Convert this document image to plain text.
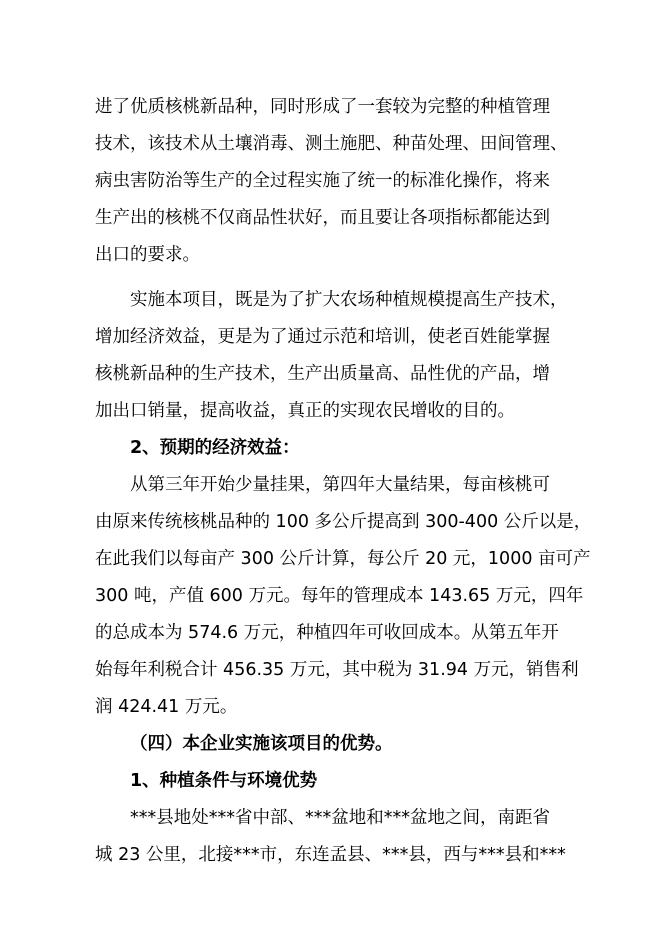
进了优质核桃新品种，同时形成了一套较为完整的种植管理
技术，该技术从土壤消毒、测土施肥、种苗处理、田间管理、
病虫害防治等生产的全过程实施了统一的标准化操作，将来
生产出的核桃不仅商品性状好，而且要让各项指标都能达到
出口的要求。
实施本项目，既是为了扩大农场种植规模提高生产技术，
增加经济效益，更是为了通过示范和培训，使老百姓能掌握
核桃新品种的生产技术，生产出质量高、品性优的产品，增
加出口销量，提高收益，真正的实现农民增收的目的。
2、预期的经济效益：
从第三年开始少量挂果，第四年大量结果，每亩核桃可
由原来传统核桃品种的 100 多公斤提高到 300-400 公斤以是，
在此我们以每亩产 300 公斤计算，每公斤 20 元，1000 亩可产
300 吨，产值 600 万元。每年的管理成本 143.65 万元，四年
的总成本为 574.6 万元，种植四年可收回成本。从第五年开
始每年利税合计 456.35 万元，其中税为 31.94 万元，销售利
润 424.41 万元。
（四）本企业实施该项目的优势。
1、种植条件与环境优势
***县地处***省中部、***盆地和***盆地之间，南距省
城 23 公里，北接***市，东连孟县、***县，西与***县和***
